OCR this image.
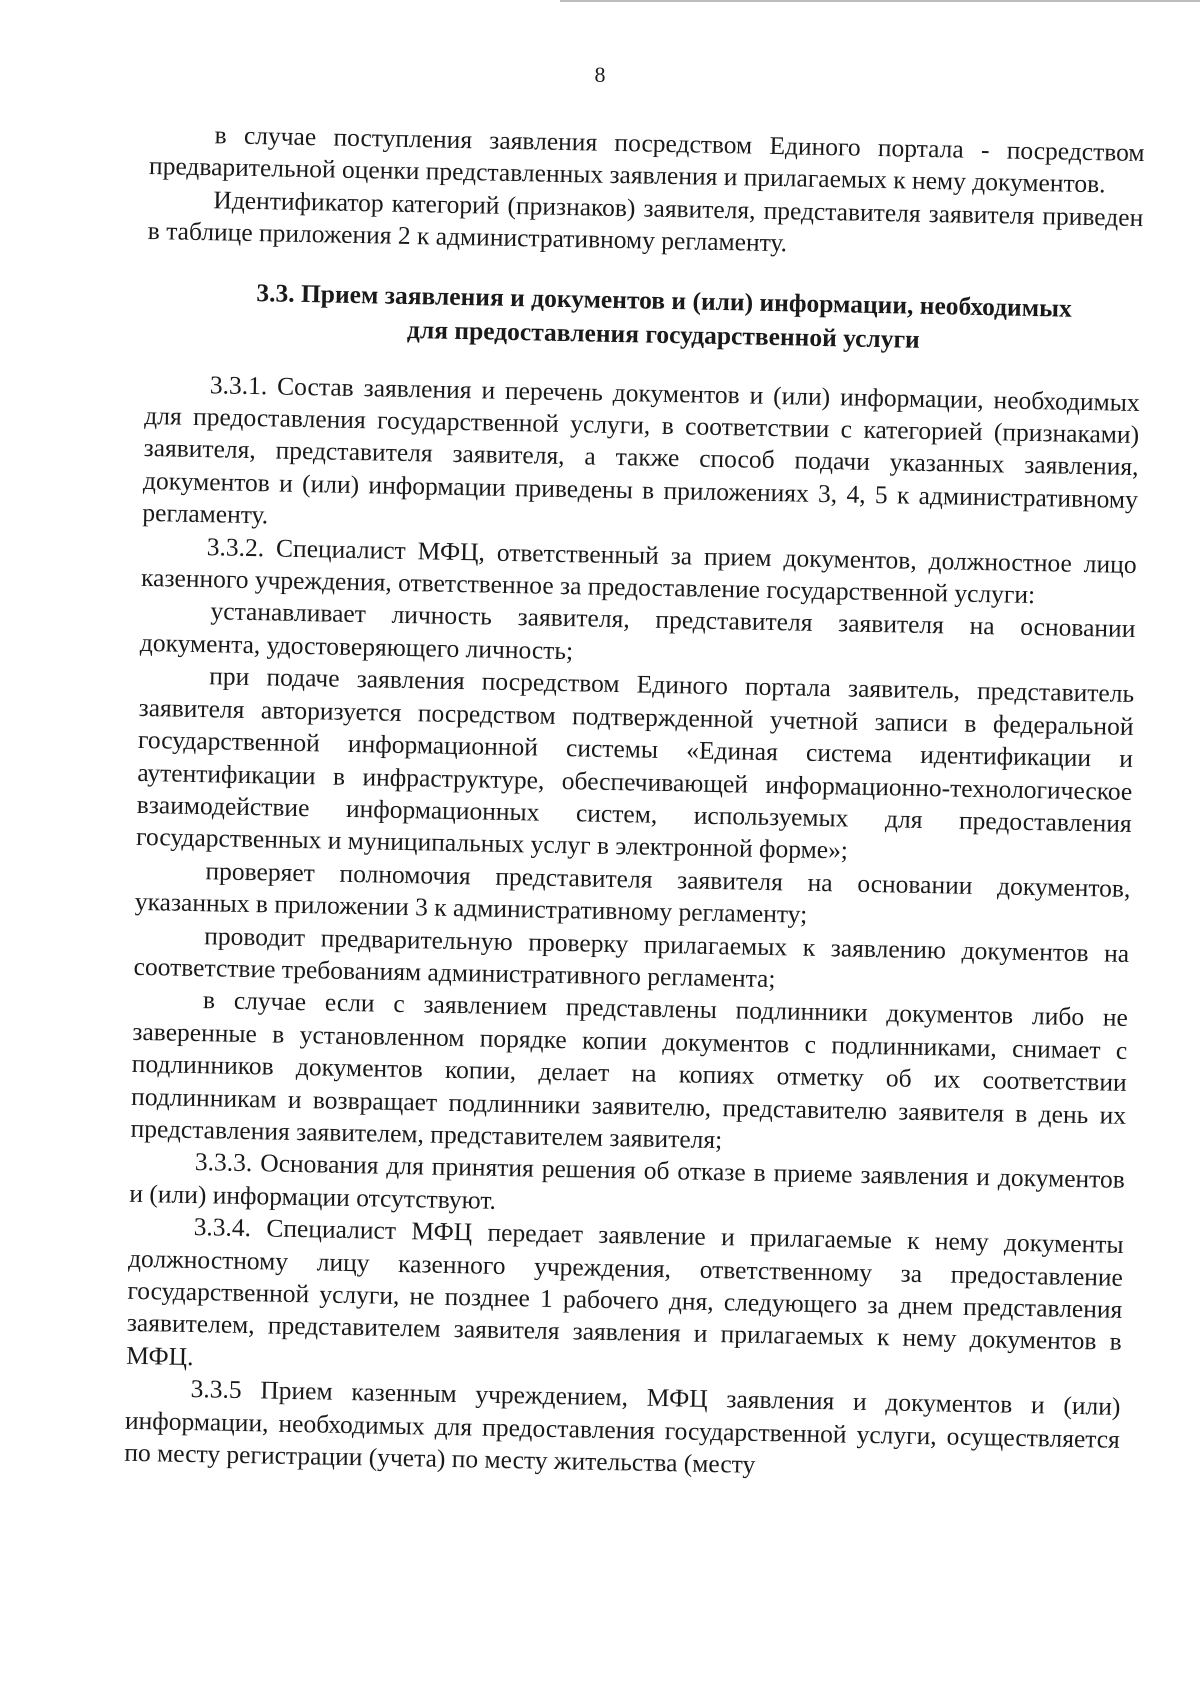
8

в случае поступления заявления посредством Единого портала - посредством предварительной оценки представленных заявления и прилагаемых к нему документов.

Идентификатор категорий (признаков) заявителя, представителя заявителя приведен в таблице приложения 2 к административному регламенту.

3.3. Прием заявления и документов и (или) информации, необходимых
для предоставления государственной услуги

3.3.1. Состав заявления и перечень документов и (или) информации, необходимых для предоставления государственной услуги, в соответствии с категорией (признаками) заявителя, представителя заявителя, а также способ подачи указанных заявления, документов и (или) информации приведены в приложениях 3, 4, 5 к административному регламенту.

3.3.2. Специалист МФЦ, ответственный за прием документов, должностное лицо казенного учреждения, ответственное за предоставление государственной услуги:

устанавливает личность заявителя, представителя заявителя на основании документа, удостоверяющего личность;

при подаче заявления посредством Единого портала заявитель, представитель заявителя авторизуется посредством подтвержденной учетной записи в федеральной государственной информационной системы «Единая система идентификации и аутентификации в инфраструктуре, обеспечивающей информационно-технологическое взаимодействие информационных систем, используемых для предоставления государственных и муниципальных услуг в электронной форме»;

проверяет полномочия представителя заявителя на основании документов, указанных в приложении 3 к административному регламенту;

проводит предварительную проверку прилагаемых к заявлению документов на соответствие требованиям административного регламента;

в случае если с заявлением представлены подлинники документов либо не заверенные в установленном порядке копии документов с подлинниками, снимает с подлинников документов копии, делает на копиях отметку об их соответствии подлинникам и возвращает подлинники заявителю, представителю заявителя в день их представления заявителем, представителем заявителя;

3.3.3. Основания для принятия решения об отказе в приеме заявления и документов и (или) информации отсутствуют.

3.3.4. Специалист МФЦ передает заявление и прилагаемые к нему документы должностному лицу казенного учреждения, ответственному за предоставление государственной услуги, не позднее 1 рабочего дня, следующего за днем представления заявителем, представителем заявителя заявления и прилагаемых к нему документов в МФЦ.

3.3.5 Прием казенным учреждением, МФЦ заявления и документов и (или) информации, необходимых для предоставления государственной услуги, осуществляется по месту регистрации (учета) по месту жительства (месту
